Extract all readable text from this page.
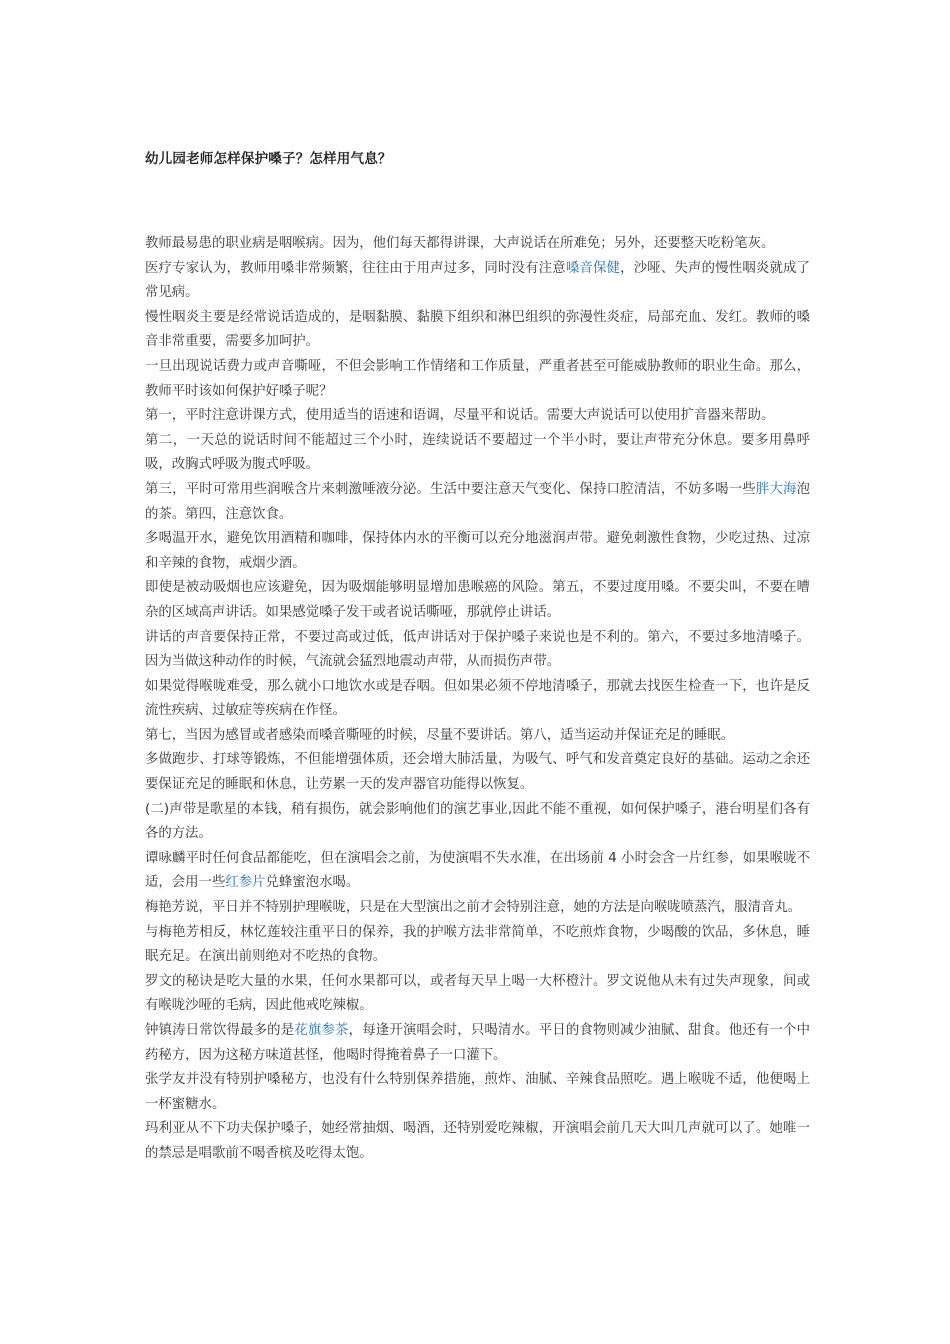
幼儿园老师怎样保护嗓子？怎样用气息？

教师最易患的职业病是咽喉病。因为，他们每天都得讲课，大声说话在所难免；另外，还要整天吃粉笔灰。

医疗专家认为，教师用嗓非常频繁，往往由于用声过多，同时没有注意嗓音保健，沙哑、失声的慢性咽炎就成了常见病。

慢性咽炎主要是经常说话造成的，是咽黏膜、黏膜下组织和淋巴组织的弥漫性炎症，局部充血、发红。教师的嗓音非常重要，需要多加呵护。

一旦出现说话费力或声音嘶哑，不但会影响工作情绪和工作质量，严重者甚至可能威胁教师的职业生命。那么，教师平时该如何保护好嗓子呢？

第一，平时注意讲课方式，使用适当的语速和语调，尽量平和说话。需要大声说话可以使用扩音器来帮助。

第二，一天总的说话时间不能超过三个小时，连续说话不要超过一个半小时，要让声带充分休息。要多用鼻呼吸，改胸式呼吸为腹式呼吸。

第三，平时可常用些润喉含片来刺激唾液分泌。生活中要注意天气变化、保持口腔清洁，不妨多喝一些胖大海泡的茶。第四，注意饮食。

多喝温开水，避免饮用酒精和咖啡，保持体内水的平衡可以充分地滋润声带。避免刺激性食物，少吃过热、过凉和辛辣的食物，戒烟少酒。

即使是被动吸烟也应该避免，因为吸烟能够明显增加患喉癌的风险。第五，不要过度用嗓。不要尖叫，不要在嘈杂的区域高声讲话。如果感觉嗓子发干或者说话嘶哑，那就停止讲话。

讲话的声音要保持正常，不要过高或过低，低声讲话对于保护嗓子来说也是不利的。第六，不要过多地清嗓子。因为当做这种动作的时候，气流就会猛烈地震动声带，从而损伤声带。

如果觉得喉咙难受，那么就小口地饮水或是吞咽。但如果必须不停地清嗓子，那就去找医生检查一下，也许是反流性疾病、过敏症等疾病在作怪。

第七，当因为感冒或者感染而嗓音嘶哑的时候，尽量不要讲话。第八，适当运动并保证充足的睡眠。

多做跑步、打球等锻炼，不但能增强体质，还会增大肺活量，为吸气、呼气和发音奠定良好的基础。运动之余还要保证充足的睡眠和休息，让劳累一天的发声器官功能得以恢复。

(二)声带是歌星的本钱，稍有损伤，就会影响他们的演艺事业,因此不能不重视，如何保护嗓子，港台明星们各有各的方法。

谭咏麟平时任何食品都能吃，但在演唱会之前，为使演唱不失水准，在出场前 4 小时会含一片红参，如果喉咙不适，会用一些红参片兑蜂蜜泡水喝。

梅艳芳说，平日并不特别护理喉咙，只是在大型演出之前才会特别注意，她的方法是向喉咙喷蒸汽，服清音丸。

与梅艳芳相反，林忆莲较注重平日的保养，我的护喉方法非常简单，不吃煎炸食物，少喝酸的饮品，多休息，睡眠充足。在演出前则绝对不吃热的食物。

罗文的秘诀是吃大量的水果，任何水果都可以，或者每天早上喝一大杯橙汁。罗文说他从未有过失声现象，间或有喉咙沙哑的毛病，因此他戒吃辣椒。

钟镇涛日常饮得最多的是花旗参茶，每逢开演唱会时，只喝清水。平日的食物则减少油腻、甜食。他还有一个中药秘方，因为这秘方味道甚怪，他喝时得掩着鼻子一口灌下。

张学友并没有特别护嗓秘方，也没有什么特别保养措施，煎炸、油腻、辛辣食品照吃。遇上喉咙不适，他便喝上一杯蜜糖水。

玛利亚从不下功夫保护嗓子，她经常抽烟、喝酒，还特别爱吃辣椒，开演唱会前几天大叫几声就可以了。她唯一的禁忌是唱歌前不喝香槟及吃得太饱。
